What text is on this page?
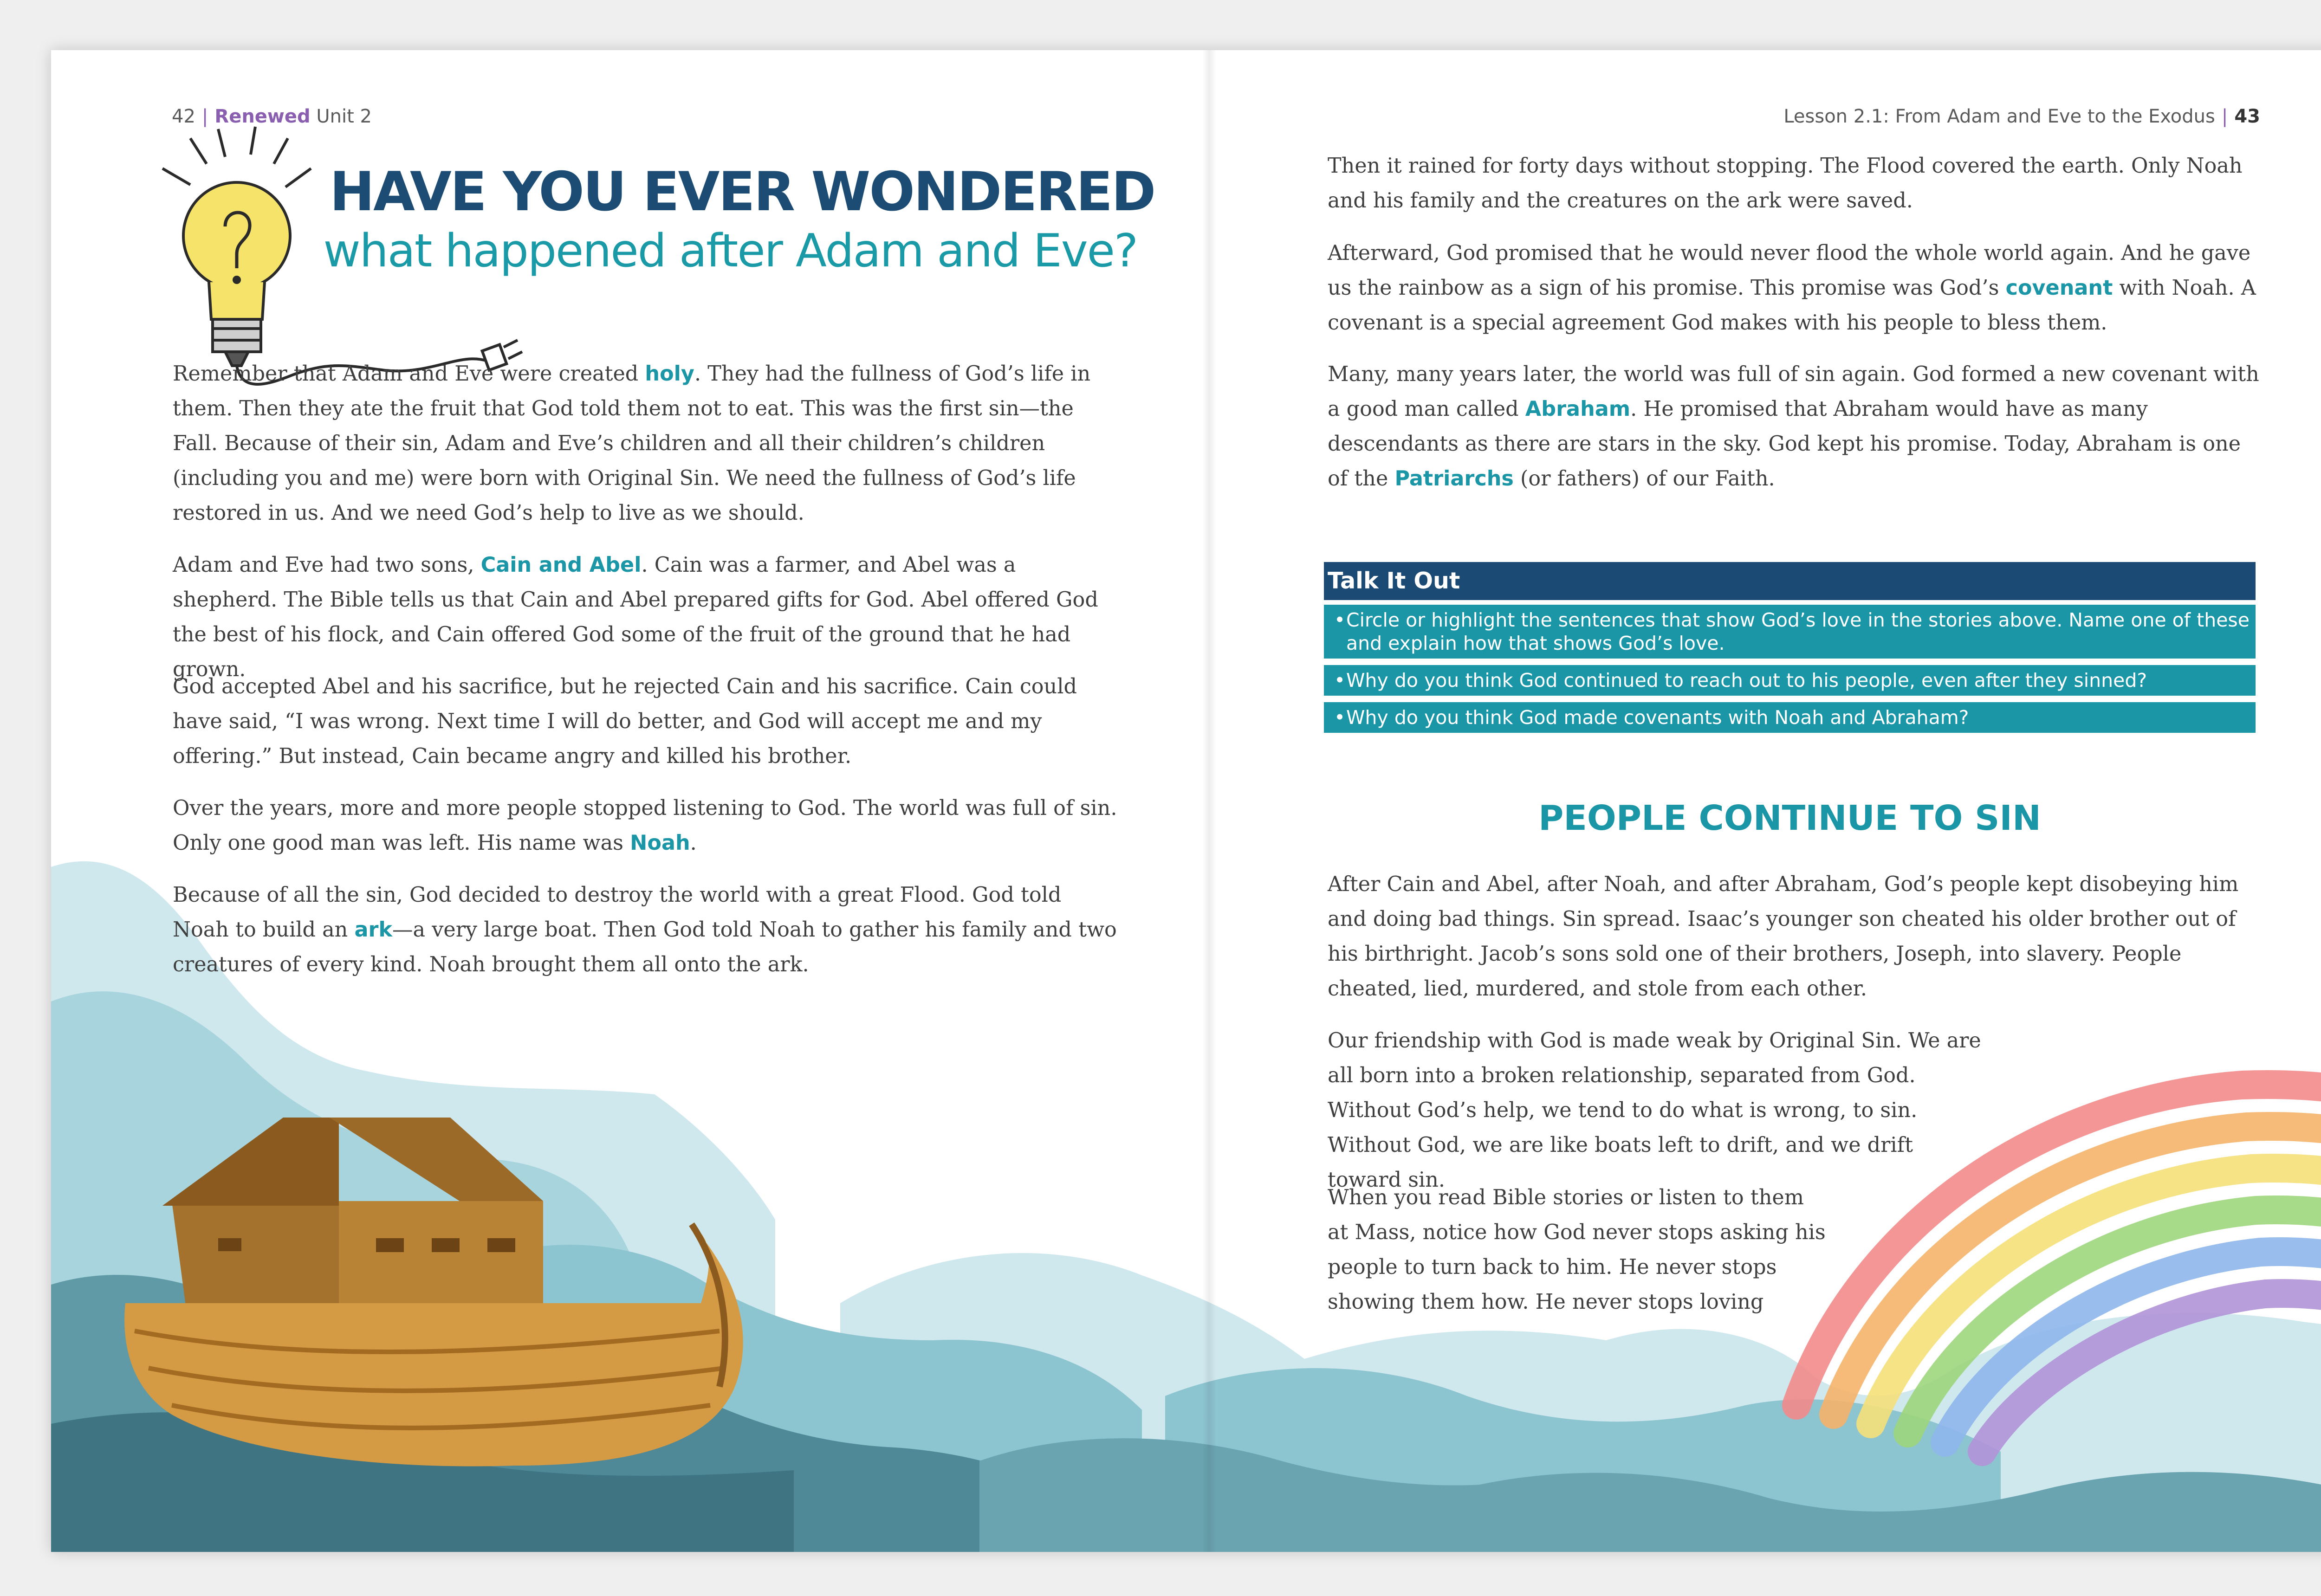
42 | Renewed Unit 2	Lesson 2.1: From Adam and Eve to the Exodus | 43
HAVE YOU EVER WONDERED
what happened after Adam and Eve?

Remember that Adam and Eve were created holy. They had the fullness of God’s life in them. Then they ate the fruit that God told them not to eat. This was the first sin—the Fall. Because of their sin, Adam and Eve’s children and all their children’s children (including you and me) were born with Original Sin. We need the fullness of God’s life restored in us. And we need God’s help to live as we should.

Adam and Eve had two sons, Cain and Abel. Cain was a farmer, and Abel was a shepherd. The Bible tells us that Cain and Abel prepared gifts for God. Abel offered God the best of his flock, and Cain offered God some of the fruit of the ground that he had grown.

God accepted Abel and his sacrifice, but he rejected Cain and his sacrifice. Cain could have said, “I was wrong. Next time I will do better, and God will accept me and my offering.” But instead, Cain became angry and killed his brother.

Over the years, more and more people stopped listening to God. The world was full of sin. Only one good man was left. His name was Noah.

Because of all the sin, God decided to destroy the world with a great Flood. God told Noah to build an ark—a very large boat. Then God told Noah to gather his family and two creatures of every kind. Noah brought them all onto the ark.

Then it rained for forty days without stopping. The Flood covered the earth. Only Noah and his family and the creatures on the ark were saved.

Afterward, God promised that he would never flood the whole world again. And he gave us the rainbow as a sign of his promise. This promise was God’s covenant with Noah. A covenant is a special agreement God makes with his people to bless them.

Many, many years later, the world was full of sin again. God formed a new covenant with a good man called Abraham. He promised that Abraham would have as many descendants as there are stars in the sky. God kept his promise. Today, Abraham is one of the Patriarchs (or fathers) of our Faith.

Talk It Out
• Circle or highlight the sentences that show God’s love in the stories above. Name one of these and explain how that shows God’s love.
• Why do you think God continued to reach out to his people, even after they sinned?
• Why do you think God made covenants with Noah and Abraham?
PEOPLE CONTINUE TO SIN

After Cain and Abel, after Noah, and after Abraham, God’s people kept disobeying him and doing bad things. Sin spread. Isaac’s younger son cheated his older brother out of his birthright. Jacob’s sons sold one of their brothers, Joseph, into slavery. People cheated, lied, murdered, and stole from each other.

Our friendship with God is made weak by Original Sin. We are all born into a broken relationship, separated from God. Without God’s help, we tend to do what is wrong, to sin. Without God, we are like boats left to drift, and we drift toward sin.

When you read Bible stories or listen to them at Mass, notice how God never stops asking his people to turn back to him. He never stops showing them how. He never stops loving
